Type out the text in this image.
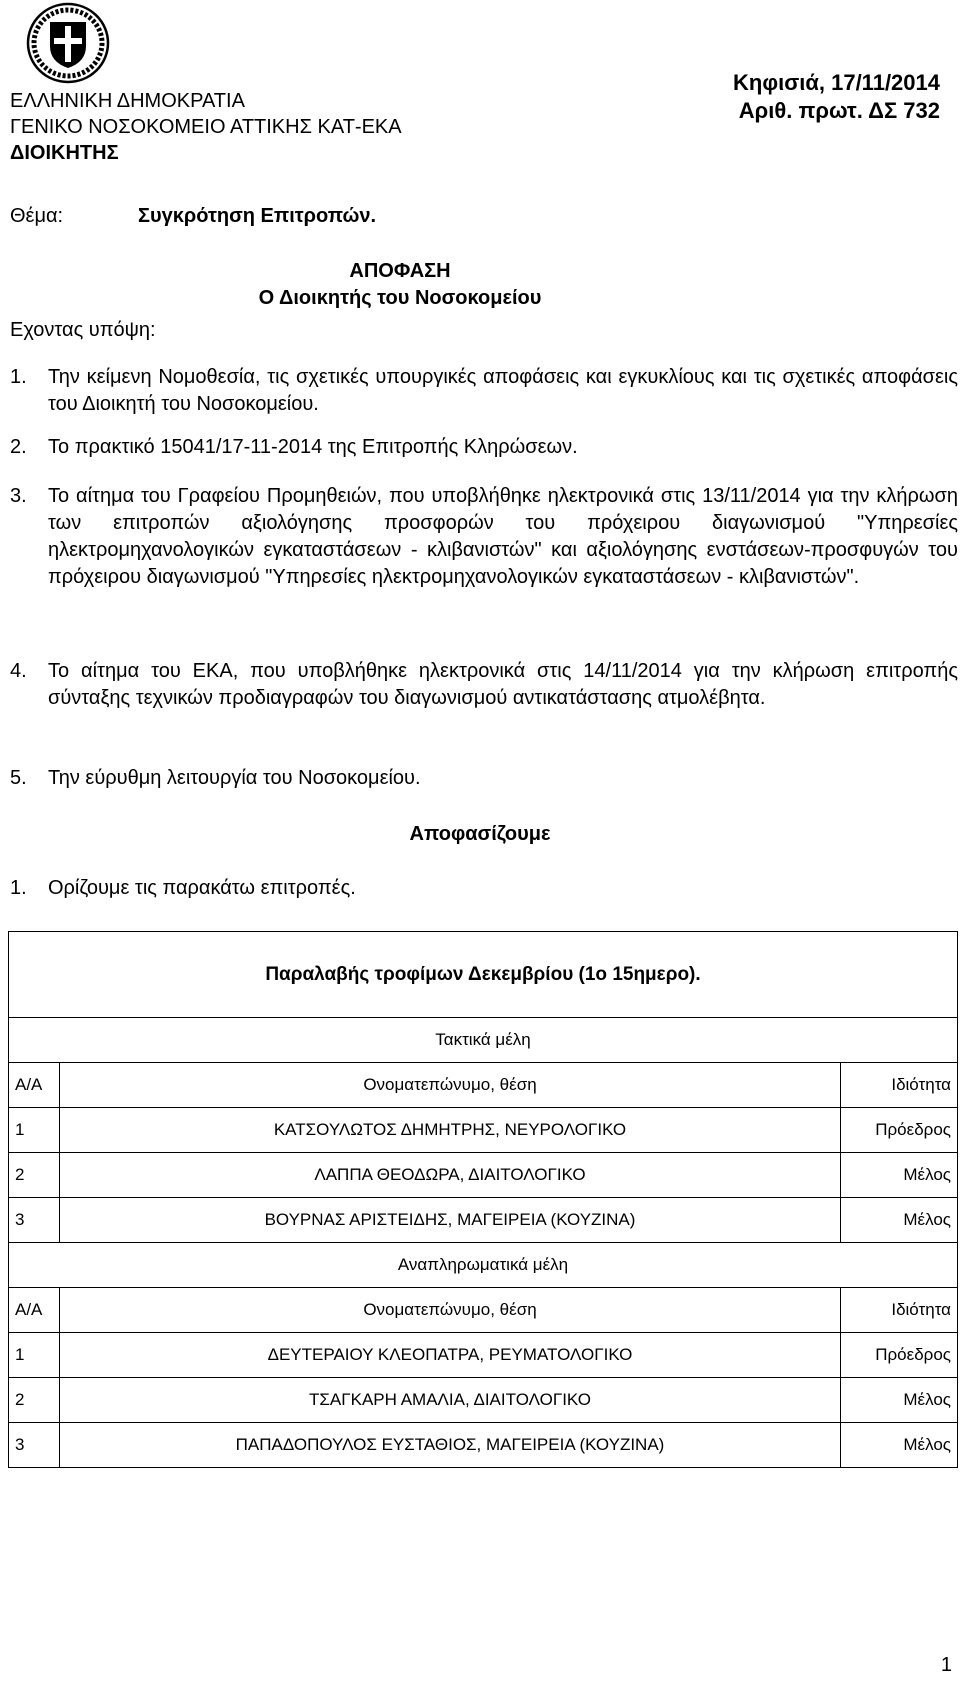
ΕΛΛΗΝΙΚΗ ΔΗΜΟΚΡΑΤΙΑ
ΓΕΝΙΚΟ ΝΟΣΟΚΟΜΕΙΟ ΑΤΤΙΚΗΣ ΚΑΤ-ΕΚΑ
ΔΙΟΙΚΗΤΗΣ
Κηφισιά, 17/11/2014
Αριθ. πρωτ. ΔΣ 732
Θέμα:	Συγκρότηση Επιτροπών.
ΑΠΟΦΑΣΗ
Ο Διοικητής του Νοσοκομείου
Εχοντας υπόψη:
1.	Την κείμενη Νομοθεσία, τις σχετικές υπουργικές αποφάσεις και εγκυκλίους και τις σχετικές αποφάσεις του Διοικητή του Νοσοκομείου.
2.	Το πρακτικό 15041/17-11-2014 της Επιτροπής Κληρώσεων.
3.	Το αίτημα του Γραφείου Προμηθειών, που υποβλήθηκε ηλεκτρονικά στις 13/11/2014 για την κλήρωση των επιτροπών αξιολόγησης προσφορών του πρόχειρου διαγωνισμού "Υπηρεσίες ηλεκτρομηχανολογικών εγκαταστάσεων - κλιβανιστών" και αξιολόγησης ενστάσεων-προσφυγών του πρόχειρου διαγωνισμού "Υπηρεσίες ηλεκτρομηχανολογικών εγκαταστάσεων - κλιβανιστών".
4.	Το αίτημα του ΕΚΑ, που υποβλήθηκε ηλεκτρονικά στις 14/11/2014 για την κλήρωση επιτροπής σύνταξης τεχνικών προδιαγραφών του διαγωνισμού αντικατάστασης ατμολέβητα.
5.	Την εύρυθμη λειτουργία του Νοσοκομείου.
Αποφασίζουμε
1.	Ορίζουμε τις παρακάτω επιτροπές.
Παραλαβής τροφίμων Δεκεμβρίου (1ο 15ημερο).		
Τακτικά μέλη		
Α/Α	Ονοματεπώνυμο, θέση	Ιδιότητα
1	ΚΑΤΣΟΥΛΩΤΟΣ ΔΗΜΗΤΡΗΣ, ΝΕΥΡΟΛΟΓΙΚΟ	Πρόεδρος
2	ΛΑΠΠΑ ΘΕΟΔΩΡΑ, ΔΙΑΙΤΟΛΟΓΙΚΟ	Μέλος
3	ΒΟΥΡΝΑΣ ΑΡΙΣΤΕΙΔΗΣ, ΜΑΓΕΙΡΕΙΑ (ΚΟΥΖΙΝΑ)	Μέλος
Αναπληρωματικά μέλη		
Α/Α	Ονοματεπώνυμο, θέση	Ιδιότητα
1	ΔΕΥΤΕΡΑΙΟΥ ΚΛΕΟΠΑΤΡΑ, ΡΕΥΜΑΤΟΛΟΓΙΚΟ	Πρόεδρος
2	ΤΣΑΓΚΑΡΗ ΑΜΑΛΙΑ, ΔΙΑΙΤΟΛΟΓΙΚΟ	Μέλος
3	ΠΑΠΑΔΟΠΟΥΛΟΣ ΕΥΣΤΑΘΙΟΣ, ΜΑΓΕΙΡΕΙΑ (ΚΟΥΖΙΝΑ)	Μέλος
1
